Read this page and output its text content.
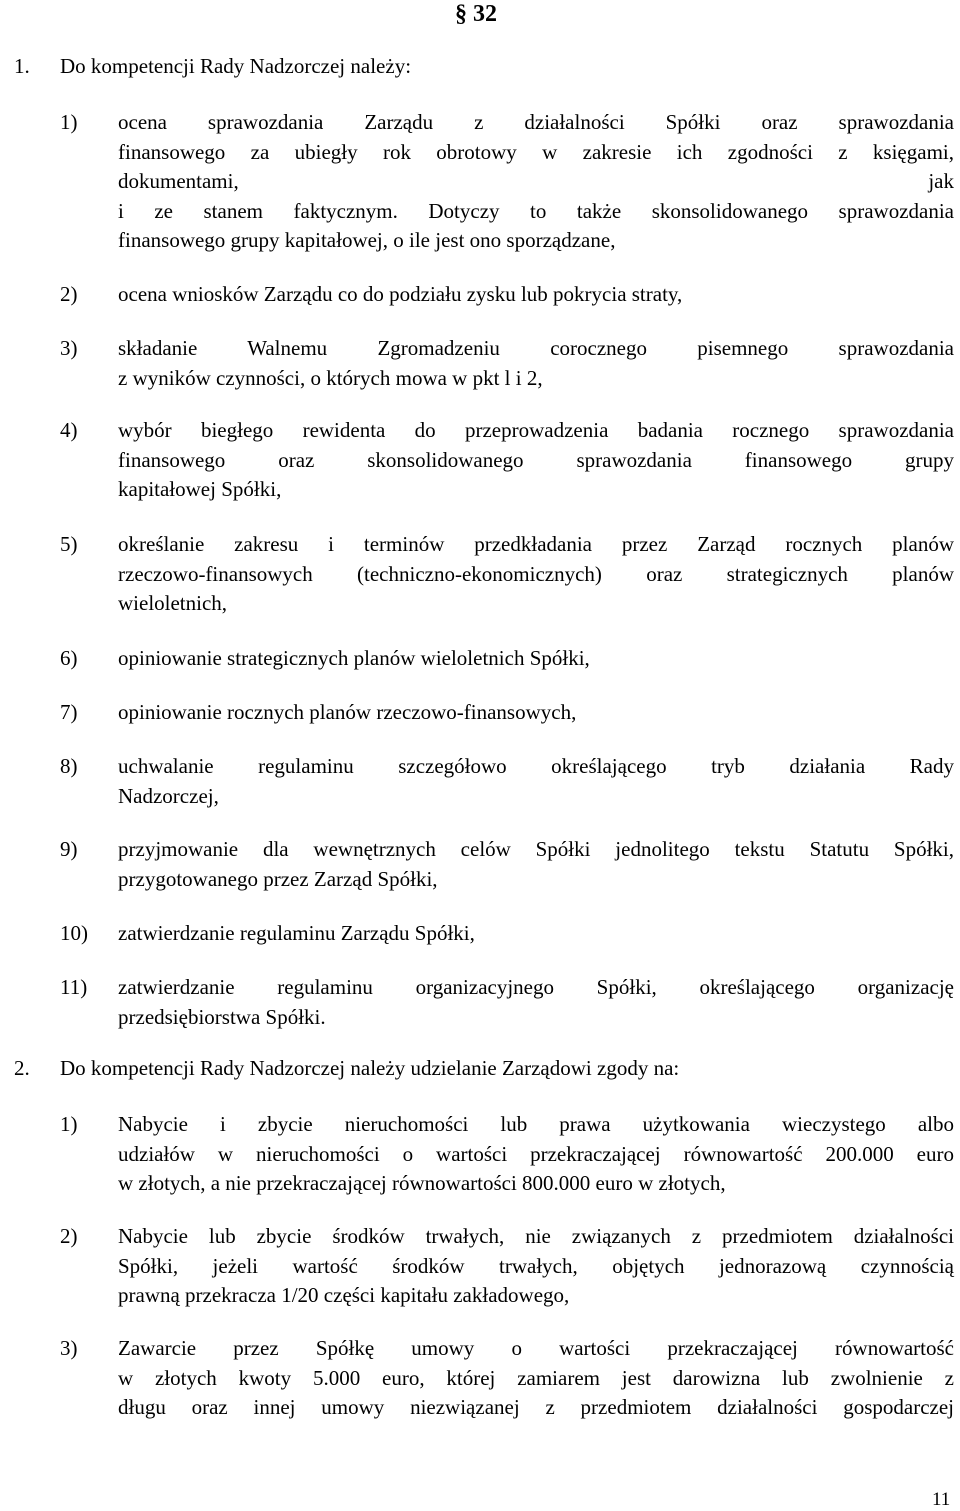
§ 32
1. Do kompetencji Rady Nadzorczej należy:
1) ocena sprawozdania Zarządu z działalności Spółki oraz sprawozdania
finansowego za ubiegły rok obrotowy w zakresie ich zgodności z księgami,
dokumentami, jak
i ze stanem faktycznym. Dotyczy to także skonsolidowanego sprawozdania
finansowego grupy kapitałowej, o ile jest ono sporządzane,
2) ocena wniosków Zarządu co do podziału zysku lub pokrycia straty,
3) składanie Walnemu Zgromadzeniu corocznego pisemnego sprawozdania
z wyników czynności, o których mowa w pkt l i 2,
4) wybór biegłego rewidenta do przeprowadzenia badania rocznego sprawozdania
finansowego oraz skonsolidowanego sprawozdania finansowego grupy
kapitałowej Spółki,
5) określanie zakresu i terminów przedkładania przez Zarząd rocznych planów
rzeczowo-finansowych (techniczno-ekonomicznych) oraz strategicznych planów
wieloletnich,
6) opiniowanie strategicznych planów wieloletnich Spółki,
7) opiniowanie rocznych planów rzeczowo-finansowych,
8) uchwalanie regulaminu szczegółowo określającego tryb działania Rady
Nadzorczej,
9) przyjmowanie dla wewnętrznych celów Spółki jednolitego tekstu Statutu Spółki,
przygotowanego przez Zarząd Spółki,
10) zatwierdzanie regulaminu Zarządu Spółki,
11) zatwierdzanie regulaminu organizacyjnego Spółki, określającego organizację
przedsiębiorstwa Spółki.
2. Do kompetencji Rady Nadzorczej należy udzielanie Zarządowi zgody na:
1) Nabycie i zbycie nieruchomości lub prawa użytkowania wieczystego albo
udziałów w nieruchomości o wartości przekraczającej równowartość 200.000 euro
w złotych, a nie przekraczającej równowartości 800.000 euro w złotych,
2) Nabycie lub zbycie środków trwałych, nie związanych z przedmiotem działalności
Spółki, jeżeli wartość środków trwałych, objętych jednorazową czynnością
prawną przekracza 1/20 części kapitału zakładowego,
3) Zawarcie przez Spółkę umowy o wartości przekraczającej równowartość
w złotych kwoty 5.000 euro, której zamiarem jest darowizna lub zwolnienie z
długu oraz innej umowy niezwiązanej z przedmiotem działalności gospodarczej
11
